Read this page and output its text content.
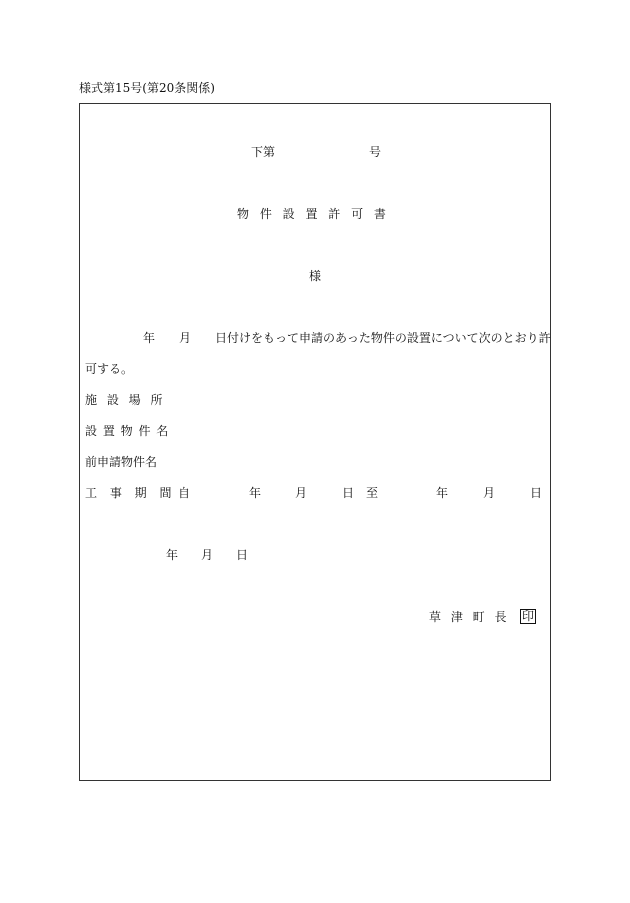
様式第15号(第20条関係)
下第	号
物 件 設 置 許 可 書
様
年 月 日付けをもって申請のあった物件の設置について次のとおり許
可する。
施 設 場 所
設 置 物 件 名
前申請物件名
工 事 期 間 自	年	月	日 至	年	月	日
年 月 日
草 津 町 長 印
